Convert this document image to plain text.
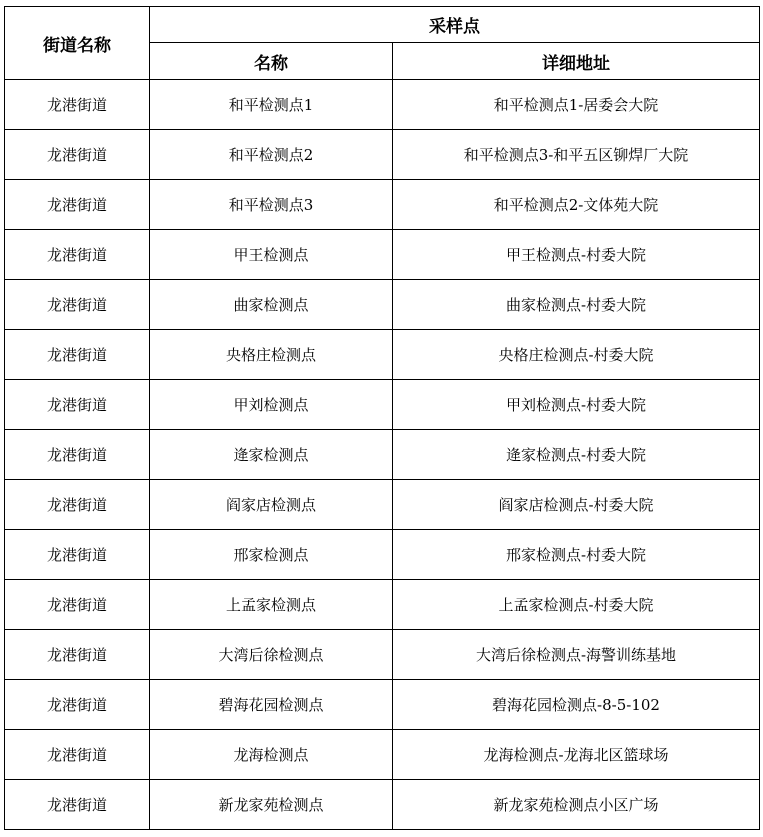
街道名称	采样点	
	名称	详细地址
龙港街道	和平检测点1	和平检测点1-居委会大院
龙港街道	和平检测点2	和平检测点3-和平五区铆焊厂大院
龙港街道	和平检测点3	和平检测点2-文体苑大院
龙港街道	甲王检测点	甲王检测点-村委大院
龙港街道	曲家检测点	曲家检测点-村委大院
龙港街道	央格庄检测点	央格庄检测点-村委大院
龙港街道	甲刘检测点	甲刘检测点-村委大院
龙港街道	逄家检测点	逄家检测点-村委大院
龙港街道	阎家店检测点	阎家店检测点-村委大院
龙港街道	邢家检测点	邢家检测点-村委大院
龙港街道	上孟家检测点	上孟家检测点-村委大院
龙港街道	大湾后徐检测点	大湾后徐检测点-海警训练基地
龙港街道	碧海花园检测点	碧海花园检测点-8-5-102
龙港街道	龙海检测点	龙海检测点-龙海北区篮球场
龙港街道	新龙家苑检测点	新龙家苑检测点小区广场
